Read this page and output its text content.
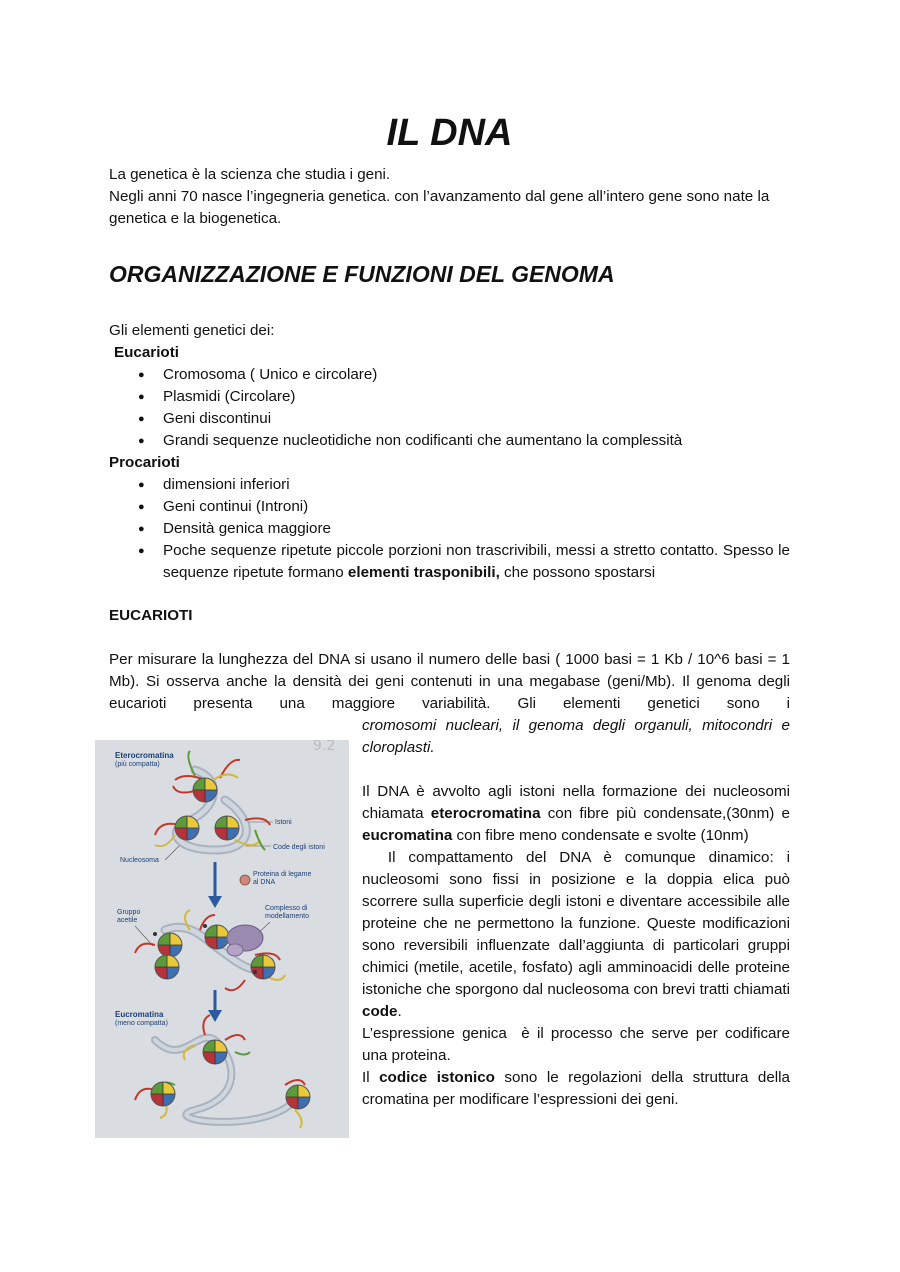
IL DNA

La genetica è la scienza che studia i geni.

Negli anni 70 nasce l’ingegneria genetica. con l’avanzamento dal gene all’intero gene sono nate la genetica e la biogenetica.

ORGANIZZAZIONE E FUNZIONI DEL GENOMA

Gli elementi genetici dei:

Eucarioti

● Cromosoma ( Unico e circolare)
● Plasmidi (Circolare)
● Geni discontinui
● Grandi sequenze nucleotidiche non codificanti che aumentano la complessità

Procarioti

● dimensioni inferiori
● Geni continui (Introni)
● Densità genica maggiore
● Poche sequenze ripetute piccole porzioni non trascrivibili, messi a stretto contatto. Spesso le sequenze ripetute formano elementi trasponibili, che possono spostarsi
EUCARIOTI

Per misurare la lunghezza del DNA si usano il numero delle basi ( 1000 basi = 1 Kb / 10^6 basi = 1 Mb). Si osserva anche la densità dei geni contenuti in una megabase (geni/Mb). Il genoma degli eucarioti presenta una maggiore variabilità. Gli elementi genetici sono i

cromosomi nucleari, il genoma degli organuli, mitocondri e cloroplasti.

Il DNA è avvolto agli istoni nella formazione dei nucleosomi chiamata eterocromatina con fibre più condensate,(30nm) e eucromatina con fibre meno condensate e svolte (10nm)

Il compattamento del DNA è comunque dinamico: i nucleosomi sono fissi in posizione e la doppia elica può scorrere sulla superficie degli istoni e diventare accessibile alle proteine che ne permettono la funzione. Queste modificazioni sono reversibili influenzate dall’aggiunta di particolari gruppi chimici (metile, acetile, fosfato) agli amminoacidi delle proteine istoniche che sporgono dal nucleosoma con brevi tratti chiamati code.

L’espressione genica  è il processo che serve per codificare una proteina.

Il codice istonico sono le regolazioni della struttura della cromatina per modificare l’espressioni dei geni.

9.2
Eterocromatina
(più compatta)
Istoni
Code degli istoni
Nucleosoma
Proteina di legame
al DNA
Complesso di
modellamento
Gruppo
acetile
Eucromatina
(meno compatta)
